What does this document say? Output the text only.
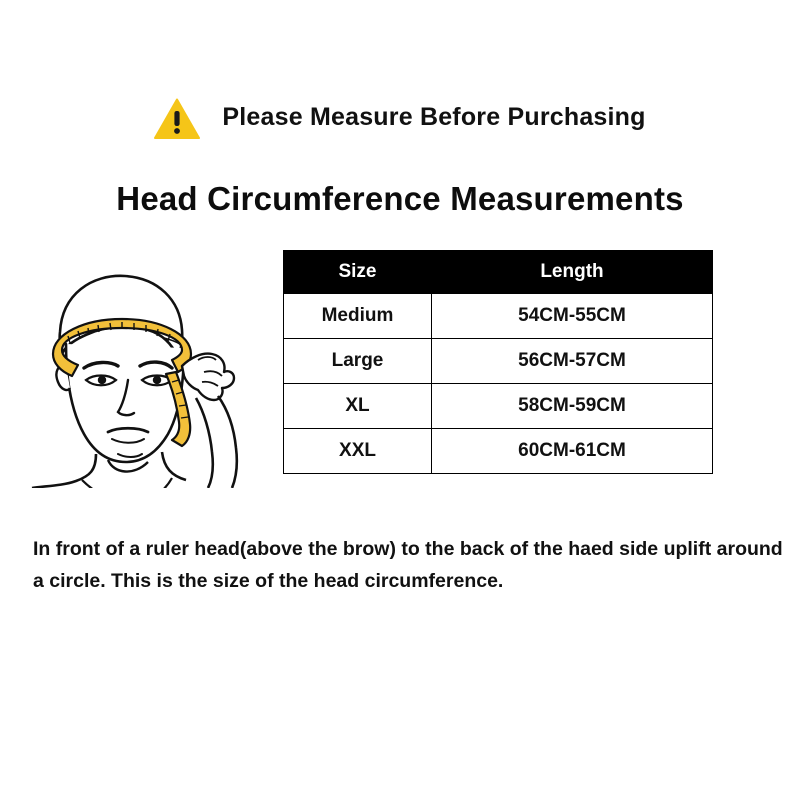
Please Measure Before Purchasing
Head Circumference Measurements
Size	Length
Medium	54CM-55CM
Large	56CM-57CM
XL	58CM-59CM
XXL	60CM-61CM
In front of a ruler head(above the brow) to the back of the haed side uplift around a circle. This is the size of the head circumference.
